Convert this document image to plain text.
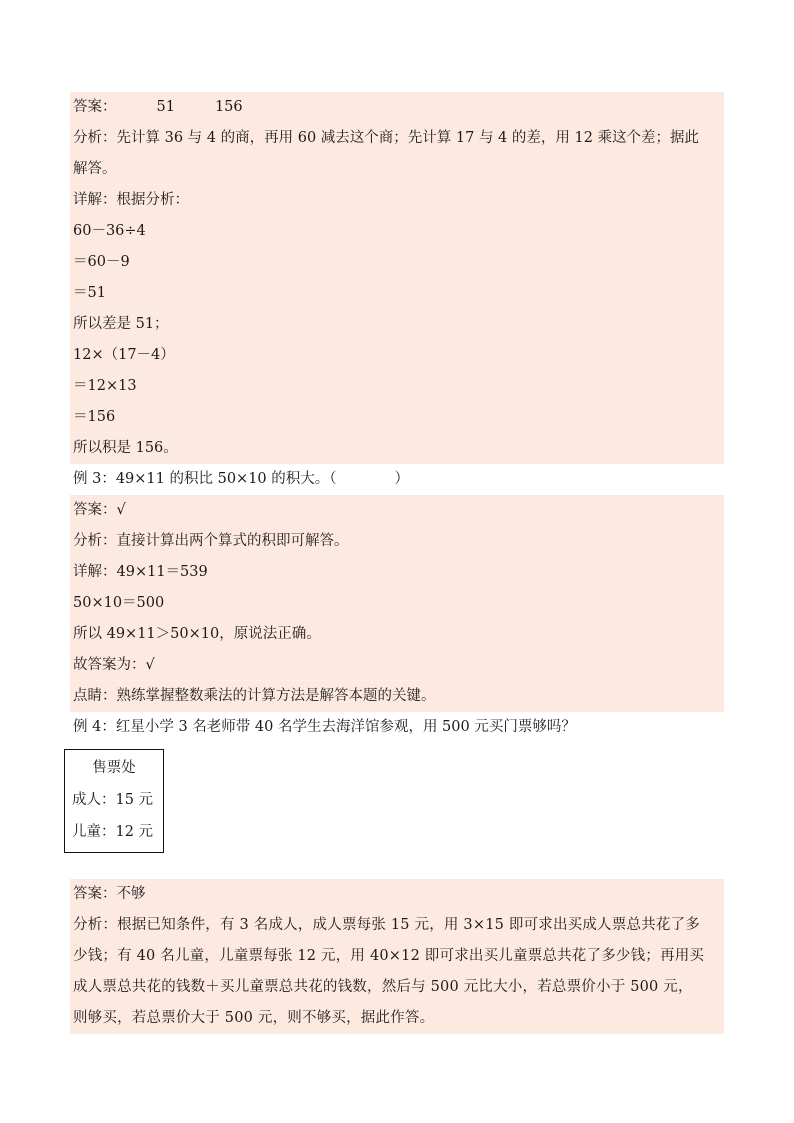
答案：	51	156
分析：先计算 36 与 4 的商，再用 60 减去这个商；先计算 17 与 4 的差，用 12 乘这个差；据此
解答。
详解：根据分析：
60－36÷4
＝60－9
＝51
所以差是 51；
12×（17－4）
＝12×13
＝156
所以积是 156。
例 3：49×11 的积比 50×10 的积大。（	）
答案：√
分析：直接计算出两个算式的积即可解答。
详解：49×11＝539
50×10＝500
所以 49×11＞50×10，原说法正确。
故答案为：√
点睛：熟练掌握整数乘法的计算方法是解答本题的关键。
例 4：红星小学 3 名老师带 40 名学生去海洋馆参观，用 500 元买门票够吗？
售票处
成人：15 元
儿童：12 元
答案：不够
分析：根据已知条件，有 3 名成人，成人票每张 15 元，用 3×15 即可求出买成人票总共花了多
少钱；有 40 名儿童，儿童票每张 12 元，用 40×12 即可求出买儿童票总共花了多少钱；再用买
成人票总共花的钱数＋买儿童票总共花的钱数，然后与 500 元比大小，若总票价小于 500 元，
则够买，若总票价大于 500 元，则不够买，据此作答。
